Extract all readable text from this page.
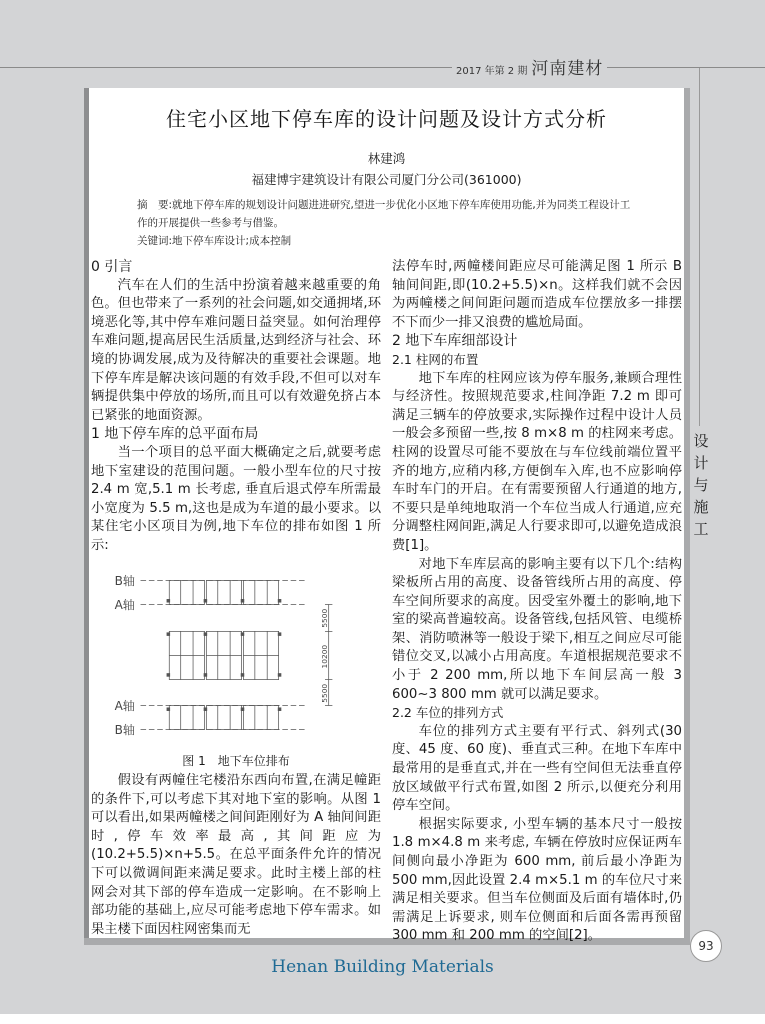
2017 年第 2 期 河南建材
设
计
与
施
工
住宅小区地下停车库的设计问题及设计方式分析
林建鸿
福建博宇建筑设计有限公司厦门分公司(361000)
摘　要:就地下停车库的规划设计问题进进研究,望进一步优化小区地下停车库使用功能,并为同类工程设计工作的开展提供一些参考与借鉴。
关键词:地下停车库设计;成本控制
0 引言

汽车在人们的生活中扮演着越来越重要的角色。但也带来了一系列的社会问题,如交通拥堵,环境恶化等,其中停车难问题日益突显。如何治理停车难问题,提高居民生活质量,达到经济与社会、环境的协调发展,成为及待解决的重要社会课题。地下停车库是解决该问题的有效手段,不但可以对车辆提供集中停放的场所,而且可以有效避免挤占本已紧张的地面资源。

1 地下停车库的总平面布局

当一个项目的总平面大概确定之后,就要考虑地下室建设的范围问题。一般小型车位的尺寸按 2.4 m 宽,5.1 m 长考虑, 垂直后退式停车所需最小宽度为 5.5 m,这也是成为车道的最小要求。以某住宅小区项目为例,地下车位的排布如图 1 所示:

B轴
A轴
A轴
B轴
5500
10200
5500

图 1　地下车位排布

假设有两幢住宅楼沿东西向布置,在满足幢距的条件下,可以考虑下其对地下室的影响。从图 1 可以看出,如果两幢楼之间间距刚好为 A 轴间间距时,停车效率最高,其间距应为 (10.2+5.5)×n+5.5。在总平面条件允许的情况下可以微调间距来满足要求。此时主楼上部的柱网会对其下部的停车造成一定影响。在不影响上部功能的基础上,应尽可能考虑地下停车需求。如果主楼下面因柱网密集而无

法停车时,两幢楼间距应尽可能满足图 1 所示 B 轴间间距,即(10.2+5.5)×n。这样我们就不会因为两幢楼之间间距问题而造成车位摆放多一排摆不下而少一排又浪费的尴尬局面。

2 地下车库细部设计
2.1 柱网的布置

地下车库的柱网应该为停车服务,兼顾合理性与经济性。按照规范要求,柱间净距 7.2 m 即可满足三辆车的停放要求,实际操作过程中设计人员一般会多预留一些,按 8 m×8 m 的柱网来考虑。柱网的设置尽可能不要放在与车位线前端位置平齐的地方,应稍内移,方便倒车入库,也不应影响停车时车门的开启。在有需要预留人行通道的地方,不要只是单纯地取消一个车位当成人行通道,应充分调整柱网间距,满足人行要求即可,以避免造成浪费[1]。

对地下车库层高的影响主要有以下几个:结构梁板所占用的高度、设备管线所占用的高度、停车空间所要求的高度。因受室外覆土的影响,地下室的梁高普遍较高。设备管线,包括风管、电缆桥架、消防喷淋等一般设于梁下,相互之间应尽可能错位交叉,以减小占用高度。车道根据规范要求不小于 2 200 mm,所以地下车间层高一般 3 600~3 800 mm 就可以满足要求。

2.2 车位的排列方式

车位的排列方式主要有平行式、斜列式(30 度、45 度、60 度)、垂直式三种。在地下车库中最常用的是垂直式,并在一些有空间但无法垂直停放区域做平行式布置,如图 2 所示,以便充分利用停车空间。

根据实际要求, 小型车辆的基本尺寸一般按 1.8 m×4.8 m 来考虑, 车辆在停放时应保证两车间侧向最小净距为 600 mm, 前后最小净距为 500 mm,因此设置 2.4 m×5.1 m 的车位尺寸来满足相关要求。但当车位侧面及后面有墙体时,仍需满足上诉要求, 则车位侧面和后面各需再预留 300 mm 和 200 mm 的空间[2]。

93
Henan Building Materials
